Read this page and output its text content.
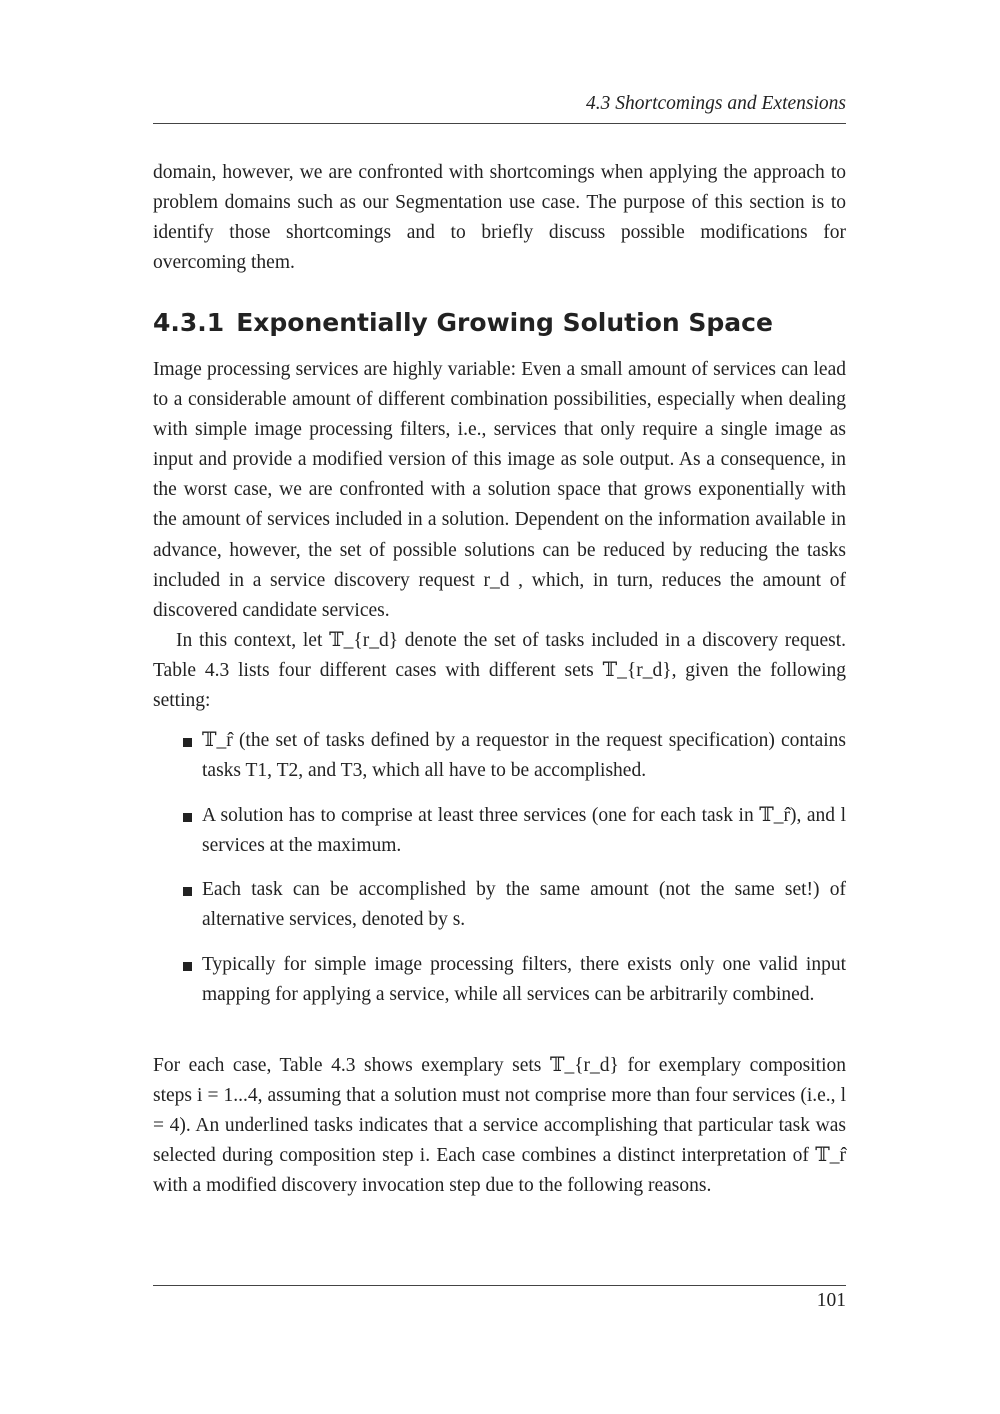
4.3 Shortcomings and Extensions

domain, however, we are confronted with shortcomings when applying the approach to problem domains such as our Segmentation use case. The purpose of this section is to identify those shortcomings and to briefly discuss possible modifications for overcoming them.

4.3.1 Exponentially Growing Solution Space

Image processing services are highly variable: Even a small amount of services can lead to a considerable amount of different combination possibilities, especially when dealing with simple image processing filters, i.e., services that only require a single image as input and provide a modified version of this image as sole output. As a consequence, in the worst case, we are confronted with a solution space that grows exponentially with the amount of services included in a solution. Dependent on the information available in advance, however, the set of possible solutions can be reduced by reducing the tasks included in a service discovery request r_d , which, in turn, reduces the amount of discovered candidate services.

In this context, let 𝕋_{r_d} denote the set of tasks included in a discovery request. Table 4.3 lists four different cases with different sets 𝕋_{r_d}, given the following setting:

𝕋_r̂ (the set of tasks defined by a requestor in the request specification) contains tasks T1, T2, and T3, which all have to be accomplished.
A solution has to comprise at least three services (one for each task in 𝕋_r̂), and l services at the maximum.
Each task can be accomplished by the same amount (not the same set!) of alternative services, denoted by s.
Typically for simple image processing filters, there exists only one valid input mapping for applying a service, while all services can be arbitrarily combined.

For each case, Table 4.3 shows exemplary sets 𝕋_{r_d} for exemplary composition steps i = 1...4, assuming that a solution must not comprise more than four services (i.e., l = 4). An underlined tasks indicates that a service accomplishing that particular task was selected during composition step i. Each case combines a distinct interpretation of 𝕋_r̂ with a modified discovery invocation step due to the following reasons.

101
